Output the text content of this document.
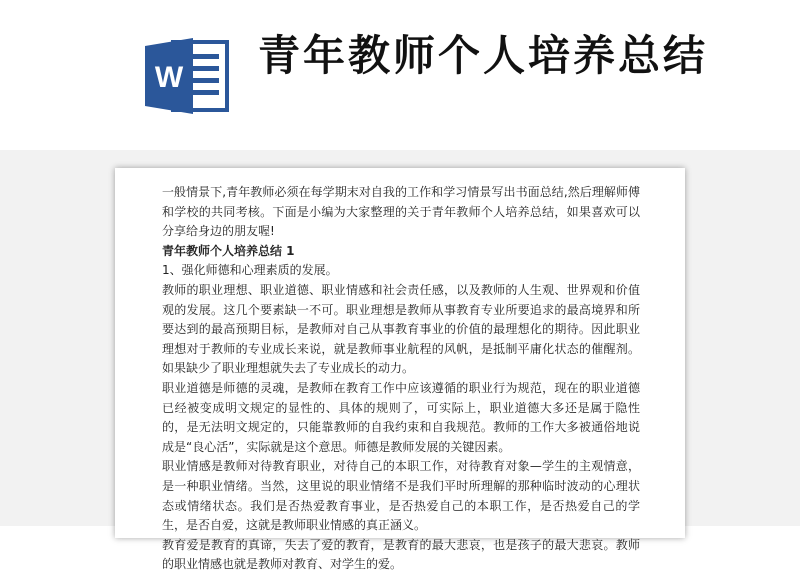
W 青年教师个人培养总结

一般情景下,青年教师必须在每学期末对自我的工作和学习情景写出书面总结,然后理解师傅和学校的共同考核。下面是小编为大家整理的关于青年教师个人培养总结，如果喜欢可以分享给身边的朋友喔!

青年教师个人培养总结 1

1、强化师德和心理素质的发展。

教师的职业理想、职业道德、职业情感和社会责任感，以及教师的人生观、世界观和价值观的发展。这几个要素缺一不可。职业理想是教师从事教育专业所要追求的最高境界和所要达到的最高预期目标，是教师对自己从事教育事业的价值的最理想化的期待。因此职业理想对于教师的专业成长来说，就是教师事业航程的风帆，是抵制平庸化状态的催醒剂。如果缺少了职业理想就失去了专业成长的动力。

职业道德是师德的灵魂，是教师在教育工作中应该遵循的职业行为规范，现在的职业道德已经被变成明文规定的显性的、具体的规则了，可实际上，职业道德大多还是属于隐性的，是无法明文规定的，只能靠教师的自我约束和自我规范。教师的工作大多被通俗地说成是“良心活”，实际就是这个意思。师德是教师发展的关键因素。

职业情感是教师对待教育职业，对待自己的本职工作，对待教育对象—学生的主观情意，是一种职业情绪。当然，这里说的职业情绪不是我们平时所理解的那种临时波动的心理状态或情绪状态。我们是否热爱教育事业，是否热爱自己的本职工作，是否热爱自己的学生，是否自爱，这就是教师职业情感的真正涵义。

教育爱是教育的真谛，失去了爱的教育，是教育的最大悲哀，也是孩子的最大悲哀。教师的职业情感也就是教师对教育、对学生的爱。
